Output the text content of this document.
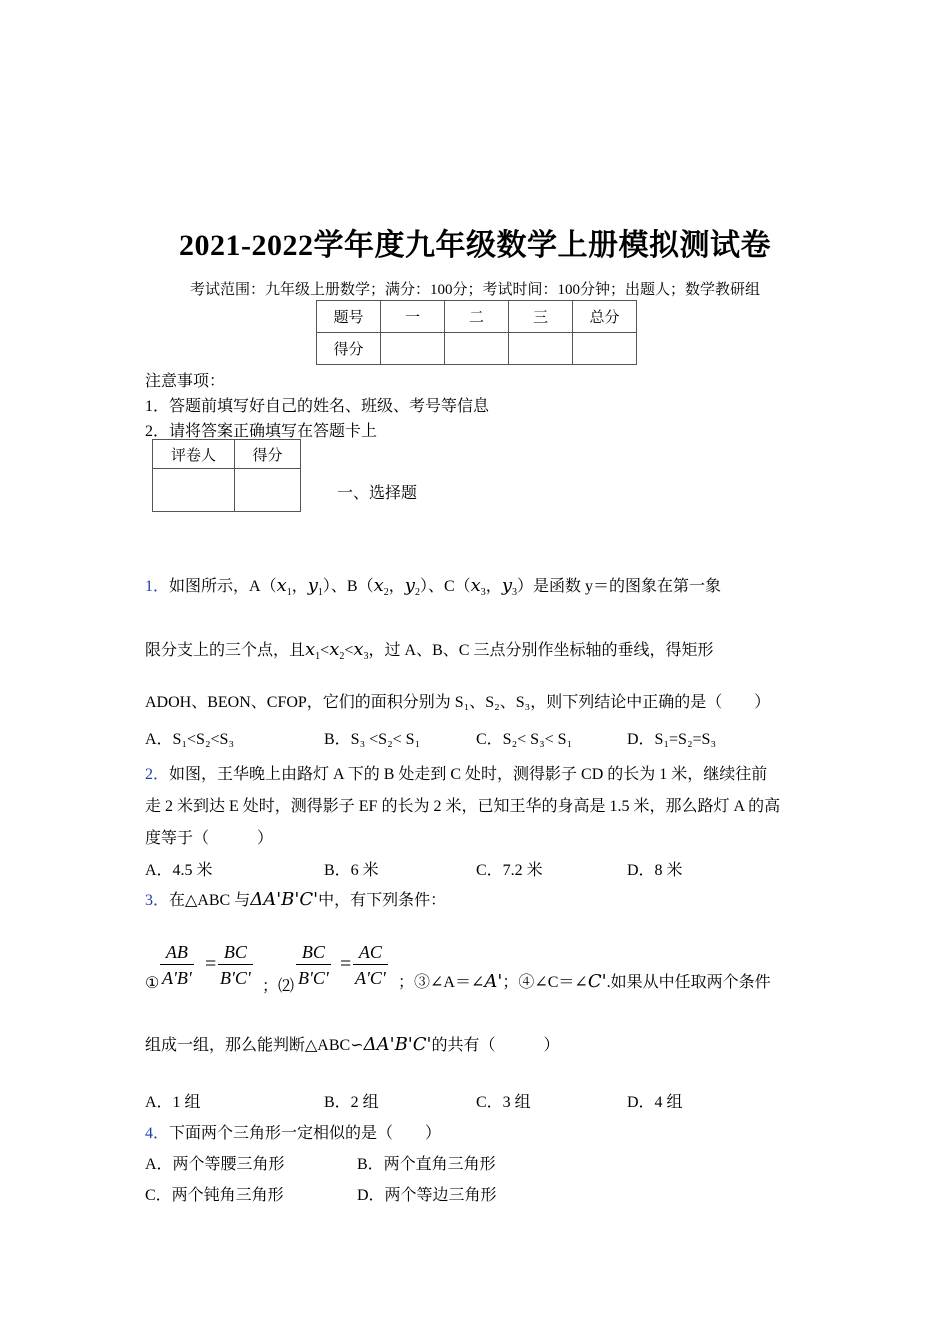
2021-2022学年度九年级数学上册模拟测试卷
考试范围：九年级上册数学；满分：100分；考试时间：100分钟；出题人；数学教研组
题号	一	二	三	总分
得分				
注意事项：
1．答题前填写好自己的姓名、班级、考号等信息
2．请将答案正确填写在答题卡上
评卷人	得分

一、选择题
1．如图所示，$A(x_1$，$y_1$）、$B(x_2$，$y_2$）、$C(x_3$，$y_3$）是函数 y＝的图象在第一象
限分支上的三个点，且$x_1<x_2<x_3$，过 A、B、C 三点分别作坐标轴的垂线，得矩形
ADOH、BEON、CFOP，它们的面积分别为 S₁、S₂、S₃，则下列结论中正确的是（　　）
A．S₁<S₂<S₃	B．S₃ <S₂< S₁	C．S₂< S₃< S₁	D．S₁=S₂=S₃
2．如图，王华晚上由路灯 A 下的 B 处走到 C 处时，测得影子 CD 的长为 1 米，继续往前
走 2 米到达 E 处时，测得影子 EF 的长为 2 米，已知王华的身高是 1.5 米，那么路灯 A 的高
度等于（　　　）
A．4.5 米	B．6 米	C．7.2 米	D．8 米
3．在△ABC 与ΔA'B'C'中，有下列条件：
① $\frac{AB}{A'B'} = \frac{BC}{B'C'}$ ；⑵ $\frac{BC}{B'C'} = \frac{AC}{A'C'}$ ；③∠A＝∠A'；④∠C＝∠C'.如果从中任取两个条件
组成一组，那么能判断△ABC∽ΔA'B'C'的共有（　　　）
A．1 组	B．2 组	C．3 组	D．4 组
4．下面两个三角形一定相似的是（　　）
A．两个等腰三角形	B．两个直角三角形
C．两个钝角三角形	D．两个等边三角形
